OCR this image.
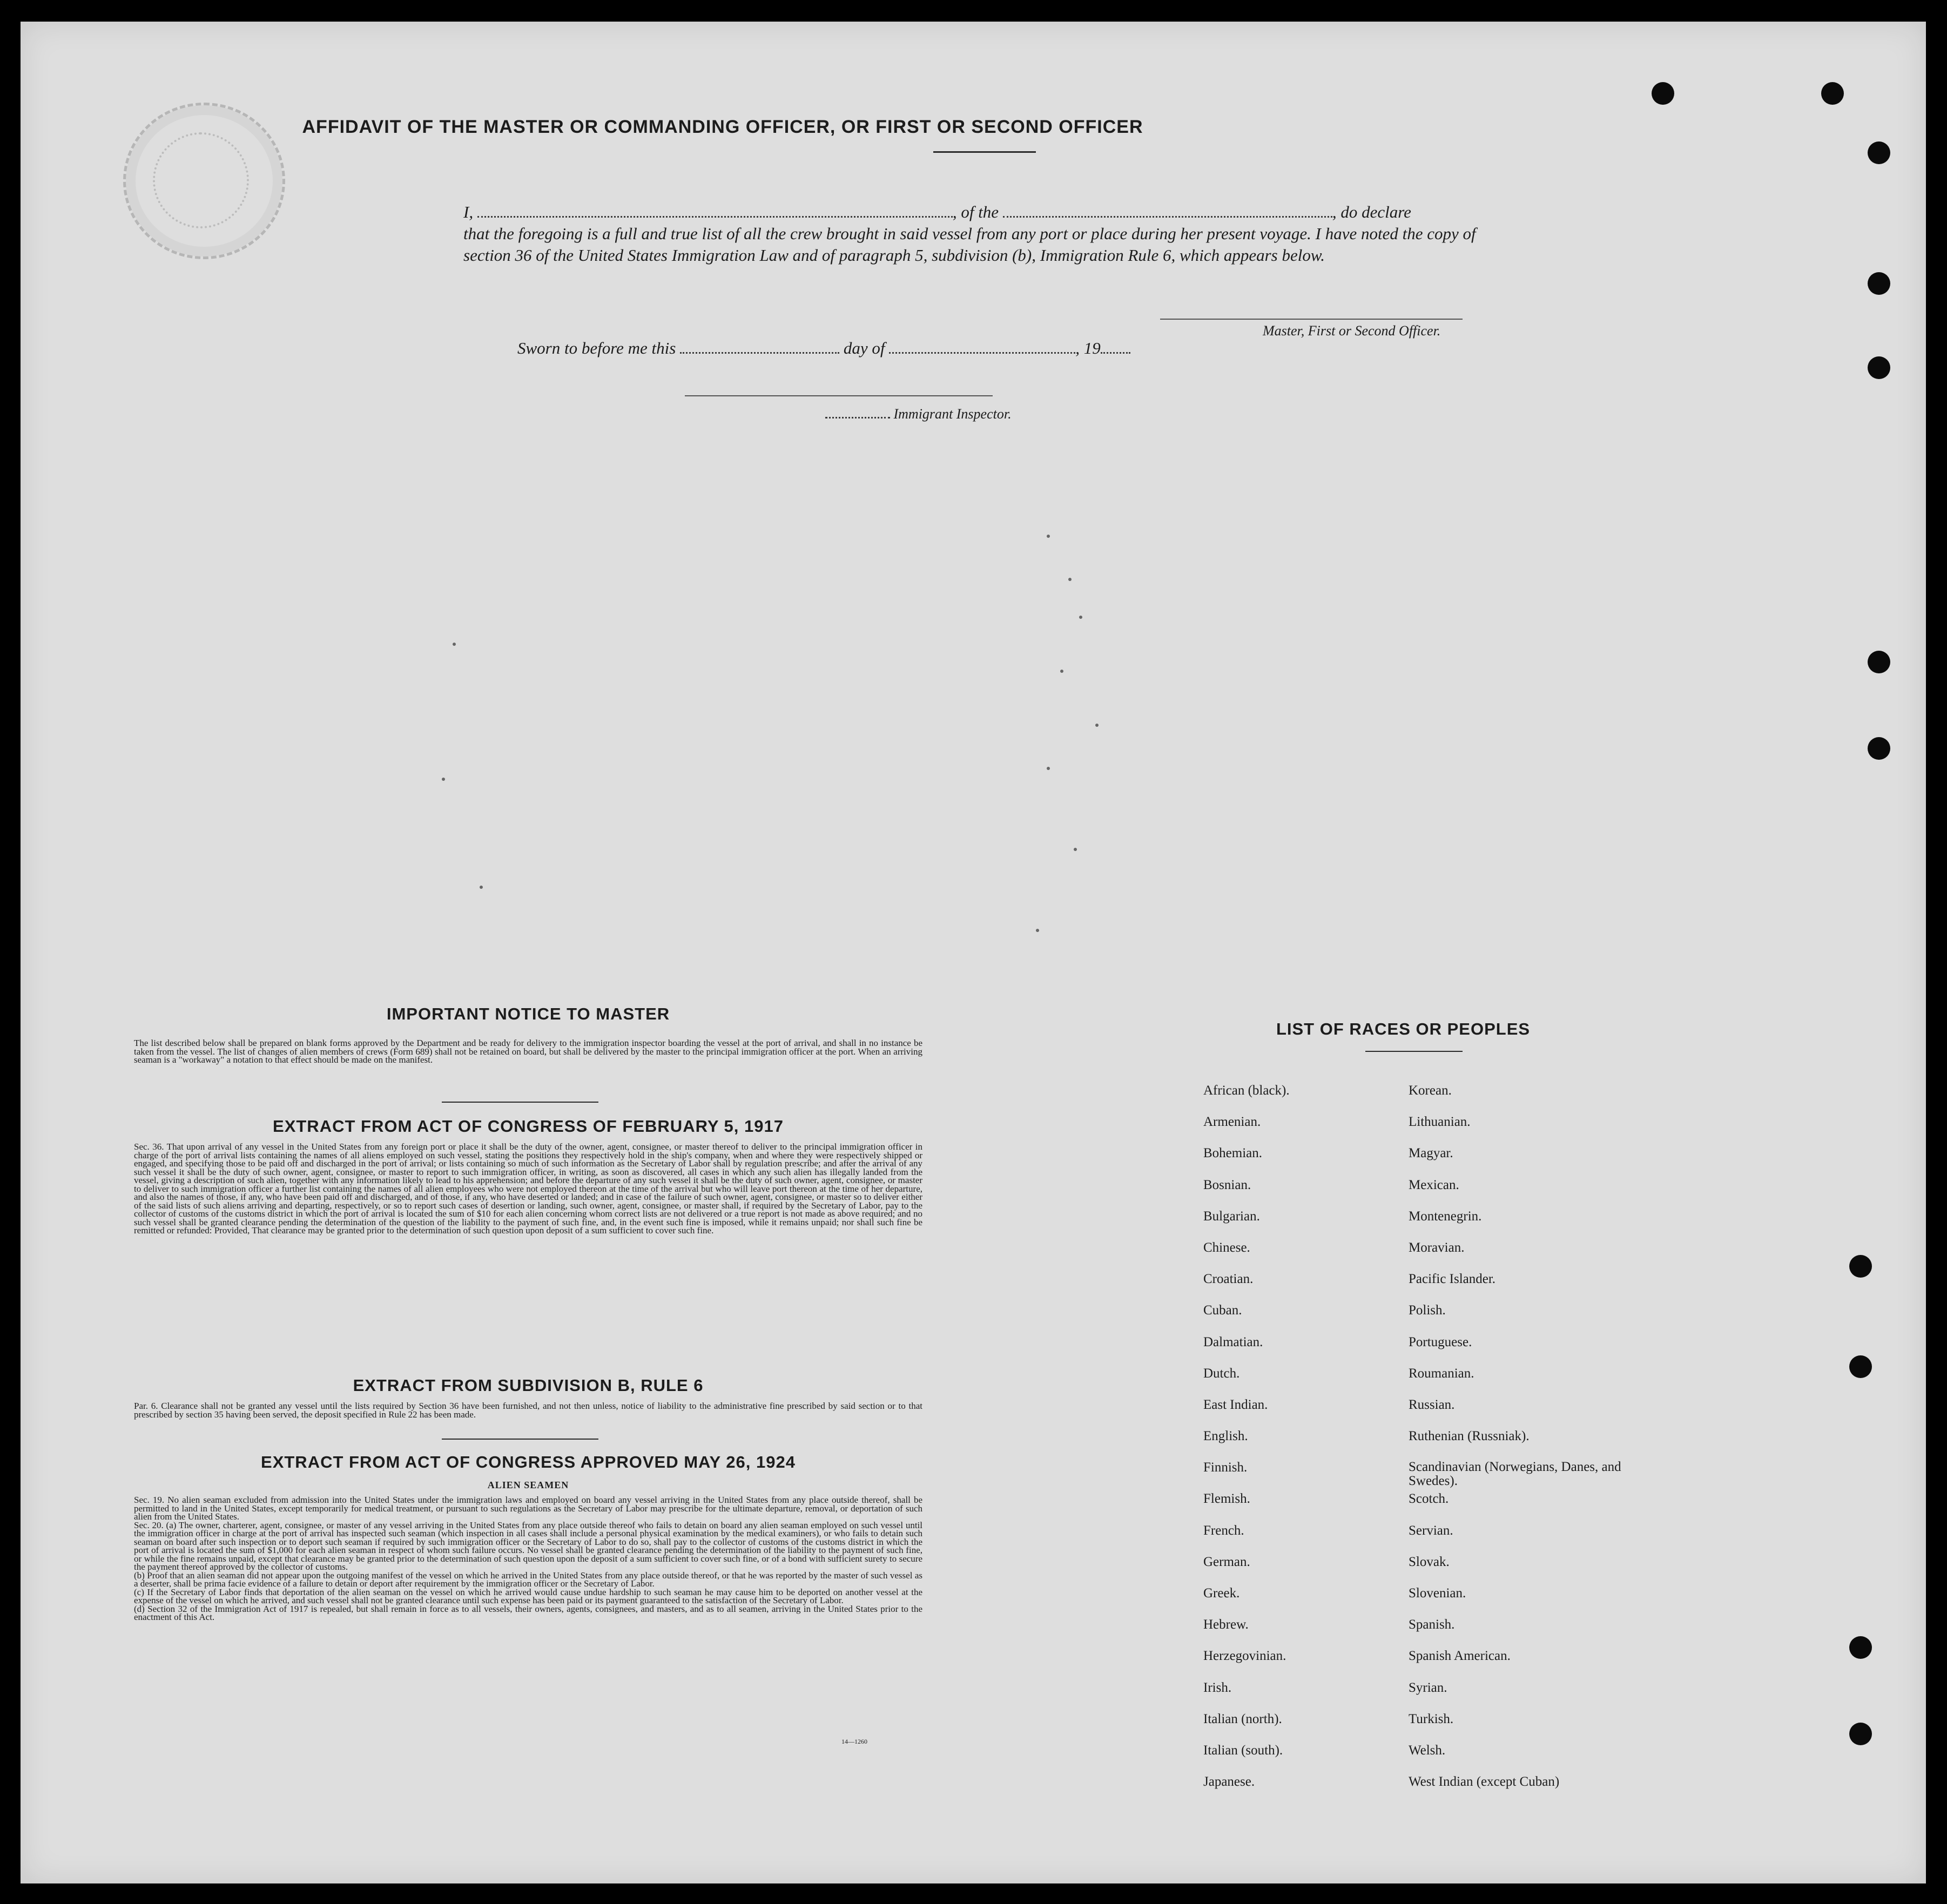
AFFIDAVIT OF THE MASTER OR COMMANDING OFFICER, OR FIRST OR SECOND OFFICER

I,	, of the	, do declare

that the foregoing is a full and true list of all the crew brought in said vessel from any port or place during her present voyage. I have noted the copy of section 36 of the United States Immigration Law and of paragraph 5, subdivision (b), Immigration Rule 6, which appears below.

Master, First or Second Officer.
Sworn to before me this	day of	, 19
Immigrant Inspector.
IMPORTANT NOTICE TO MASTER
The list described below shall be prepared on blank forms approved by the Department and be ready for delivery to the immigration inspector boarding the vessel at the port of arrival, and shall in no instance be taken from the vessel. The list of changes of alien members of crews (Form 689) shall not be retained on board, but shall be delivered by the master to the principal immigration officer at the port. When an arriving seaman is a "workaway" a notation to that effect should be made on the manifest.
EXTRACT FROM ACT OF CONGRESS OF FEBRUARY 5, 1917
Sec. 36. That upon arrival of any vessel in the United States from any foreign port or place it shall be the duty of the owner, agent, consignee, or master thereof to deliver to the principal immigration officer in charge of the port of arrival lists containing the names of all aliens employed on such vessel, stating the positions they respectively hold in the ship's company, when and where they were respectively shipped or engaged, and specifying those to be paid off and discharged in the port of arrival; or lists containing so much of such information as the Secretary of Labor shall by regulation prescribe; and after the arrival of any such vessel it shall be the duty of such owner, agent, consignee, or master to report to such immigration officer, in writing, as soon as discovered, all cases in which any such alien has illegally landed from the vessel, giving a description of such alien, together with any information likely to lead to his apprehension; and before the departure of any such vessel it shall be the duty of such owner, agent, consignee, or master to deliver to such immigration officer a further list containing the names of all alien employees who were not employed thereon at the time of the arrival but who will leave port thereon at the time of her departure, and also the names of those, if any, who have been paid off and discharged, and of those, if any, who have deserted or landed; and in case of the failure of such owner, agent, consignee, or master so to deliver either of the said lists of such aliens arriving and departing, respectively, or so to report such cases of desertion or landing, such owner, agent, consignee, or master shall, if required by the Secretary of Labor, pay to the collector of customs of the customs district in which the port of arrival is located the sum of $10 for each alien concerning whom correct lists are not delivered or a true report is not made as above required; and no such vessel shall be granted clearance pending the determination of the question of the liability to the payment of such fine, and, in the event such fine is imposed, while it remains unpaid; nor shall such fine be remitted or refunded: Provided, That clearance may be granted prior to the determination of such question upon deposit of a sum sufficient to cover such fine.
EXTRACT FROM SUBDIVISION B, RULE 6
Par. 6. Clearance shall not be granted any vessel until the lists required by Section 36 have been furnished, and not then unless, notice of liability to the administrative fine prescribed by said section or to that prescribed by section 35 having been served, the deposit specified in Rule 22 has been made.
EXTRACT FROM ACT OF CONGRESS APPROVED MAY 26, 1924
ALIEN SEAMEN
Sec. 19. No alien seaman excluded from admission into the United States under the immigration laws and employed on board any vessel arriving in the United States from any place outside thereof, shall be permitted to land in the United States, except temporarily for medical treatment, or pursuant to such regulations as the Secretary of Labor may prescribe for the ultimate departure, removal, or deportation of such alien from the United States.
Sec. 20. (a) The owner, charterer, agent, consignee, or master of any vessel arriving in the United States from any place outside thereof who fails to detain on board any alien seaman employed on such vessel until the immigration officer in charge at the port of arrival has inspected such seaman (which inspection in all cases shall include a personal physical examination by the medical examiners), or who fails to detain such seaman on board after such inspection or to deport such seaman if required by such immigration officer or the Secretary of Labor to do so, shall pay to the collector of customs of the customs district in which the port of arrival is located the sum of $1,000 for each alien seaman in respect of whom such failure occurs. No vessel shall be granted clearance pending the determination of the liability to the payment of such fine, or while the fine remains unpaid, except that clearance may be granted prior to the determination of such question upon the deposit of a sum sufficient to cover such fine, or of a bond with sufficient surety to secure the payment thereof approved by the collector of customs.
(b) Proof that an alien seaman did not appear upon the outgoing manifest of the vessel on which he arrived in the United States from any place outside thereof, or that he was reported by the master of such vessel as a deserter, shall be prima facie evidence of a failure to detain or deport after requirement by the immigration officer or the Secretary of Labor.
(c) If the Secretary of Labor finds that deportation of the alien seaman on the vessel on which he arrived would cause undue hardship to such seaman he may cause him to be deported on another vessel at the expense of the vessel on which he arrived, and such vessel shall not be granted clearance until such expense has been paid or its payment guaranteed to the satisfaction of the Secretary of Labor.
(d) Section 32 of the Immigration Act of 1917 is repealed, but shall remain in force as to all vessels, their owners, agents, consignees, and masters, and as to all seamen, arriving in the United States prior to the enactment of this Act.
14—1260
LIST OF RACES OR PEOPLES
African (black).
Armenian.
Bohemian.
Bosnian.
Bulgarian.
Chinese.
Croatian.
Cuban.
Dalmatian.
Dutch.
East Indian.
English.
Finnish.
Flemish.
French.
German.
Greek.
Hebrew.
Herzegovinian.
Irish.
Italian (north).
Italian (south).
Japanese.
Korean.
Lithuanian.
Magyar.
Mexican.
Montenegrin.
Moravian.
Pacific Islander.
Polish.
Portuguese.
Roumanian.
Russian.
Ruthenian (Russniak).
Scandinavian (Norwegians, Danes, and Swedes).
Scotch.
Servian.
Slovak.
Slovenian.
Spanish.
Spanish American.
Syrian.
Turkish.
Welsh.
West Indian (except Cuban)
